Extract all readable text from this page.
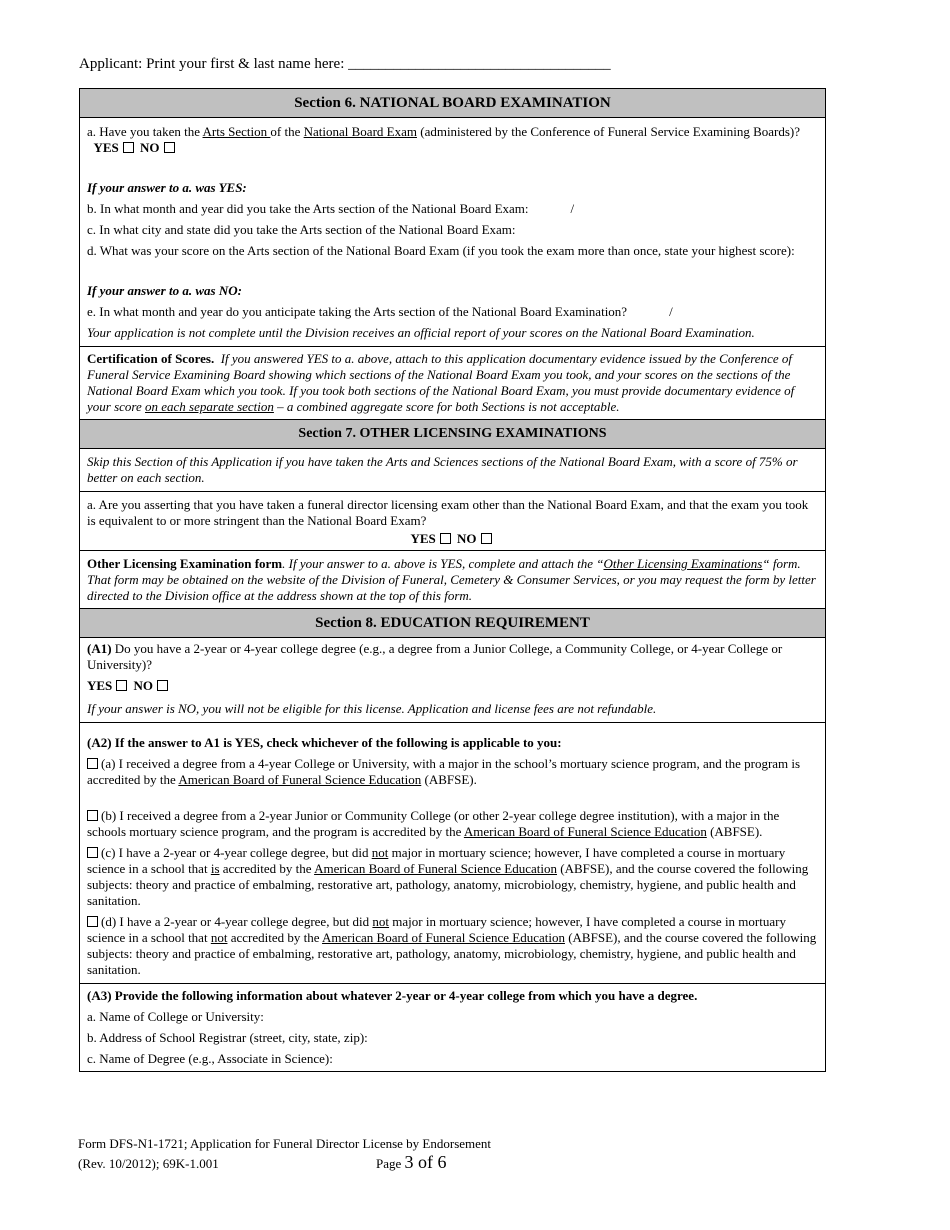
Applicant: Print your first & last name here: ___________________________________
Section 6. NATIONAL BOARD EXAMINATION

a. Have you taken the Arts Section of the National Board Exam (administered by the Conference of Funeral Service Examining Boards)?   YES NO

If your answer to a. was YES:

b. In what month and year did you take the Arts section of the National Board Exam:	/

c. In what city and state did you take the Arts section of the National Board Exam:

d. What was your score on the Arts section of the National Board Exam (if you took the exam more than once, state your highest score):

If your answer to a. was NO:

e. In what month and year do you anticipate taking the Arts section of the National Board Examination?	/

Your application is not complete until the Division receives an official report of your scores on the National Board Examination.

Certification of Scores. If you answered YES to a. above, attach to this application documentary evidence issued by the Conference of Funeral Service Examining Board showing which sections of the National Board Exam you took, and your scores on the sections of the National Board Exam which you took. If you took both sections of the National Board Exam, you must provide documentary evidence of your score on each separate section – a combined aggregate score for both Sections is not acceptable.
Section 7. OTHER LICENSING EXAMINATIONS
Skip this Section of this Application if you have taken the Arts and Sciences sections of the National Board Exam, with a score of 75% or better on each section.

a. Are you asserting that you have taken a funeral director licensing exam other than the National Board Exam, and that the exam you took is equivalent to or more stringent than the National Board Exam?

YES NO

Other Licensing Examination form. If your answer to a. above is YES, complete and attach the “Other Licensing Examinations“ form. That form may be obtained on the website of the Division of Funeral, Cemetery & Consumer Services, or you may request the form by letter directed to the Division office at the address shown at the top of this form.
Section 8. EDUCATION REQUIREMENT

(A1) Do you have a 2-year or 4-year college degree (e.g., a degree from a Junior College, a Community College, or 4-year College or University)?

YES NO

If your answer is NO, you will not be eligible for this license. Application and license fees are not refundable.

(A2) If the answer to A1 is YES, check whichever of the following is applicable to you:

(a) I received a degree from a 4-year College or University, with a major in the school’s mortuary science program, and the program is accredited by the American Board of Funeral Science Education (ABFSE).

(b) I received a degree from a 2-year Junior or Community College (or other 2-year college degree institution), with a major in the schools mortuary science program, and the program is accredited by the American Board of Funeral Science Education (ABFSE).

(c) I have a 2-year or 4-year college degree, but did not major in mortuary science; however, I have completed a course in mortuary science in a school that is accredited by the American Board of Funeral Science Education (ABFSE), and the course covered the following subjects: theory and practice of embalming, restorative art, pathology, anatomy, microbiology, chemistry, hygiene, and public health and sanitation.

(d) I have a 2-year or 4-year college degree, but did not major in mortuary science; however, I have completed a course in mortuary science in a school that not accredited by the American Board of Funeral Science Education (ABFSE), and the course covered the following subjects: theory and practice of embalming, restorative art, pathology, anatomy, microbiology, chemistry, hygiene, and public health and sanitation.

(A3) Provide the following information about whatever 2-year or 4-year college from which you have a degree.

a. Name of College or University:

b. Address of School Registrar (street, city, state, zip):

c. Name of Degree (e.g., Associate in Science):

Form DFS-N1-1721; Application for Funeral Director License by Endorsement
(Rev. 10/2012); 69K-1.001	Page 3 of 6
